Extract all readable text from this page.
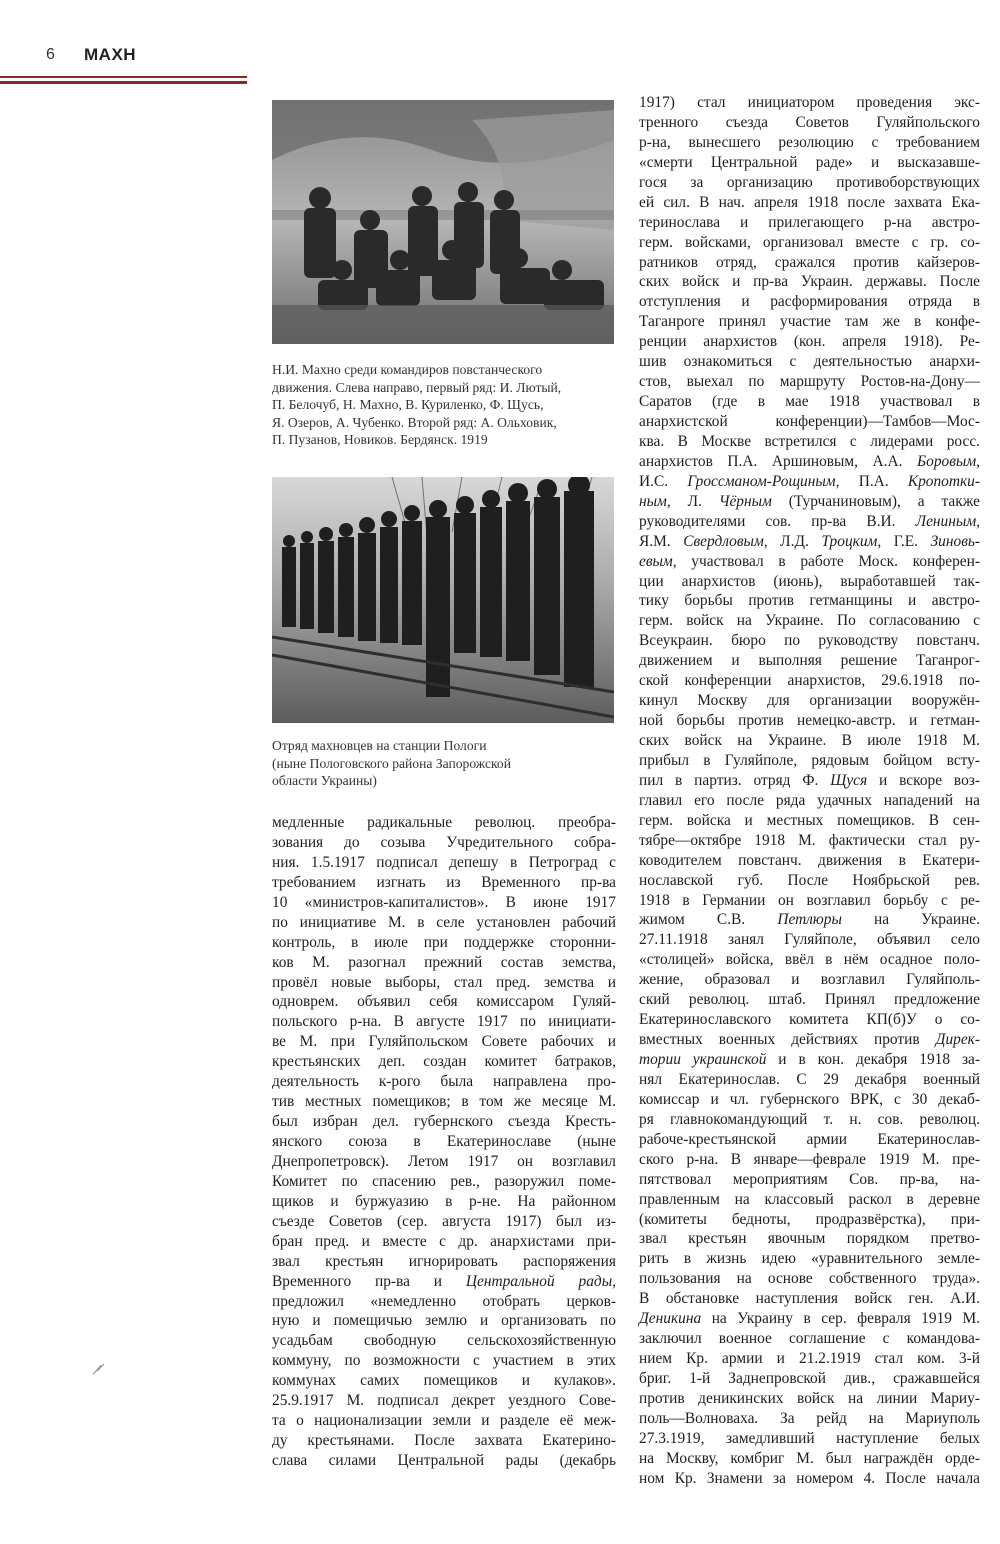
6 МАХН

Н.И. Махно среди командиров повстанческого

движения. Слева направо, первый ряд: И. Лютый,

П. Белочуб, Н. Махно, В. Куриленко, Ф. Щусь,

Я. Озеров, А. Чубенко. Второй ряд: А. Ольховик,

П. Пузанов, Новиков. Бердянск. 1919

Отряд махновцев на станции Пологи

(ныне Пологовского района Запорожской

области Украины)

медленные радикальные революц. преобра-
зования до созыва Учредительного собра-
ния. 1.5.1917 подписал депешу в Петроград с
требованием изгнать из Временного пр-ва
10 «министров-капиталистов». В июне 1917
по инициативе М. в селе установлен рабочий
контроль, в июле при поддержке сторонни-
ков М. разогнал прежний состав земства,
провёл новые выборы, стал пред. земства и
одноврем. объявил себя комиссаром Гуляй-
польского р-на. В августе 1917 по инициати-
ве М. при Гуляйпольском Совете рабочих и
крестьянских деп. создан комитет батраков,
деятельность к-рого была направлена про-
тив местных помещиков; в том же месяце М.
был избран дел. губернского съезда Кресть-
янского союза в Екатеринославе (ныне
Днепропетровск). Летом 1917 он возглавил
Комитет по спасению рев., разоружил поме-
щиков и буржуазию в р-не. На районном
съезде Советов (сер. августа 1917) был из-
бран пред. и вместе с др. анархистами при-
звал крестьян игнорировать распоряжения
Временного пр-ва и Центральной рады,
предложил «немедленно отобрать церков-
ную и помещичью землю и организовать по
усадьбам свободную сельскохозяйственную
коммуну, по возможности с участием в этих
коммунах самих помещиков и кулаков».
25.9.1917 М. подписал декрет уездного Сове-
та о национализации земли и разделе её меж-
ду крестьянами. После захвата Екатерино-
слава силами Центральной рады (декабрь
1917) стал инициатором проведения экс-
тренного съезда Советов Гуляйпольского
р-на, вынесшего резолюцию с требованием
«смерти Центральной раде» и высказавше-
гося за организацию противоборствующих
ей сил. В нач. апреля 1918 после захвата Ека-
теринослава и прилегающего р-на австро-
герм. войсками, организовал вместе с гр. со-
ратников отряд, сражался против кайзеров-
ских войск и пр-ва Украин. державы. После
отступления и расформирования отряда в
Таганроге принял участие там же в конфе-
ренции анархистов (кон. апреля 1918). Ре-
шив ознакомиться с деятельностью анархи-
стов, выехал по маршруту Ростов-на-Дону—
Саратов (где в мае 1918 участвовал в
анархистской конференции)—Тамбов—Мос-
ква. В Москве встретился с лидерами росс.
анархистов П.А. Аршиновым, А.А. Боровым,
И.С. Гроссманом-Рощиным, П.А. Кропотки-
ным, Л. Чёрным (Турчаниновым), а также
руководителями сов. пр-ва В.И. Лениным,
Я.М. Свердловым, Л.Д. Троцким, Г.Е. Зиновь-
евым, участвовал в работе Моск. конферен-
ции анархистов (июнь), выработавшей так-
тику борьбы против гетманщины и австро-
герм. войск на Украине. По согласованию с
Всеукраин. бюро по руководству повстанч.
движением и выполняя решение Таганрог-
ской конференции анархистов, 29.6.1918 по-
кинул Москву для организации вооружён-
ной борьбы против немецко-австр. и гетман-
ских войск на Украине. В июле 1918 М.
прибыл в Гуляйполе, рядовым бойцом всту-
пил в партиз. отряд Ф. Щуся и вскоре воз-
главил его после ряда удачных нападений на
герм. войска и местных помещиков. В сен-
тябре—октябре 1918 М. фактически стал ру-
ководителем повстанч. движения в Екатери-
нославской губ. После Ноябрьской рев.
1918 в Германии он возглавил борьбу с ре-
жимом С.В. Петлюры на Украине.
27.11.1918 занял Гуляйполе, объявил село
«столицей» войска, ввёл в нём осадное поло-
жение, образовал и возглавил Гуляйполь-
ский революц. штаб. Принял предложение
Екатеринославского комитета КП(б)У о со-
вместных военных действиях против Дирек-
тории украинской и в кон. декабря 1918 за-
нял Екатеринослав. С 29 декабря военный
комиссар и чл. губернского ВРК, с 30 декаб-
ря главнокомандующий т. н. сов. революц.
рабоче-крестьянской армии Екатеринослав-
ского р-на. В январе—феврале 1919 М. пре-
пятствовал мероприятиям Сов. пр-ва, на-
правленным на классовый раскол в деревне
(комитеты бедноты, продразвёрстка), при-
звал крестьян явочным порядком претво-
рить в жизнь идею «уравнительного земле-
пользования на основе собственного труда».
В обстановке наступления войск ген. А.И.
Деникина на Украину в сер. февраля 1919 М.
заключил военное соглашение с командова-
нием Кр. армии и 21.2.1919 стал ком. 3-й
бриг. 1-й Заднепровской див., сражавшейся
против деникинских войск на линии Мариу-
поль—Волноваха. За рейд на Мариуполь
27.3.1919, замедливший наступление белых
на Москву, комбриг М. был награждён орде-
ном Кр. Знамени за номером 4. После начала
